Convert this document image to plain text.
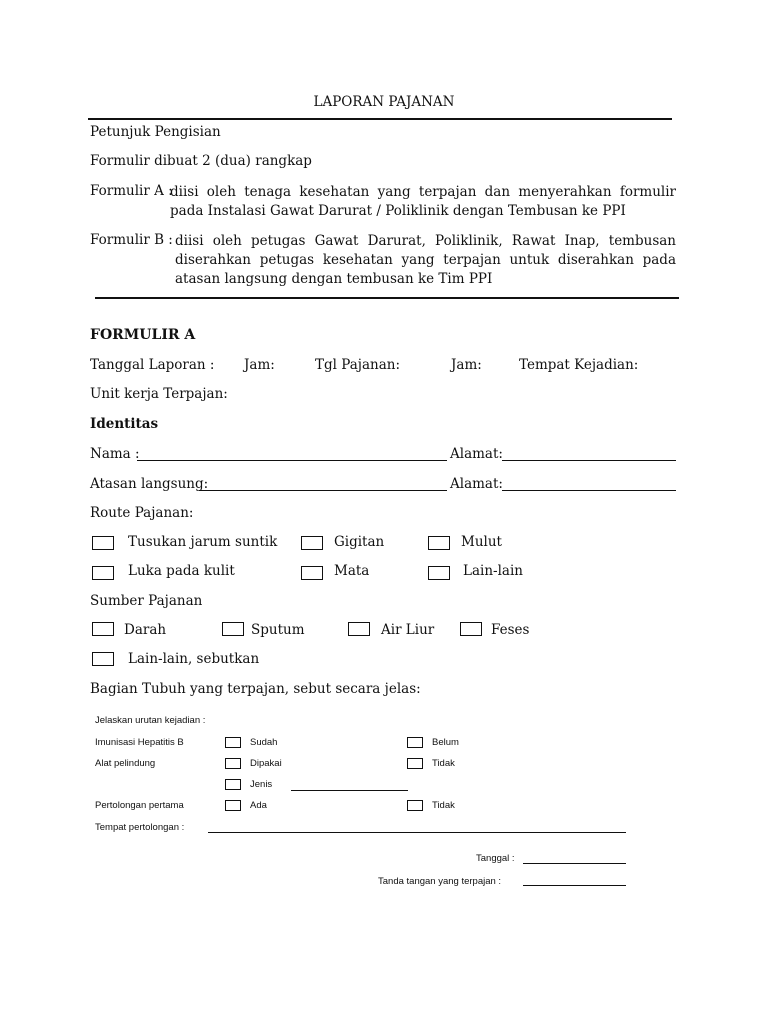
LAPORAN PAJANAN
Petunjuk Pengisian
Formulir dibuat 2 (dua) rangkap
Formulir A :
diisi oleh tenaga kesehatan yang terpajan dan menyerahkan formulir pada Instalasi Gawat Darurat / Poliklinik dengan Tembusan ke PPI
Formulir B : diisi oleh petugas Gawat Darurat, Poliklinik, Rawat Inap, tembusan diserahkan petugas kesehatan yang terpajan untuk diserahkan pada atasan langsung dengan tembusan ke Tim PPI
FORMULIR A
Tanggal Laporan : Jam:	Tgl Pajanan:	Jam:	Tempat Kejadian:
Unit kerja Terpajan:
Identitas
Nama :	Alamat:
Atasan langsung:	Alamat:
Route Pajanan:
Tusukan jarum suntik	Gigitan	Mulut
Luka pada kulit	Mata	Lain-lain
Sumber Pajanan
Darah	Sputum	Air Liur	Feses
Lain-lain, sebutkan
Bagian Tubuh yang terpajan, sebut secara jelas:
Jelaskan urutan kejadian :
Imunisasi Hepatitis B	Sudah	Belum
Alat pelindung	Dipakai	Tidak
Jenis
Pertolongan pertama	Ada	Tidak
Tempat pertolongan :
Tanggal :
Tanda tangan yang terpajan :
